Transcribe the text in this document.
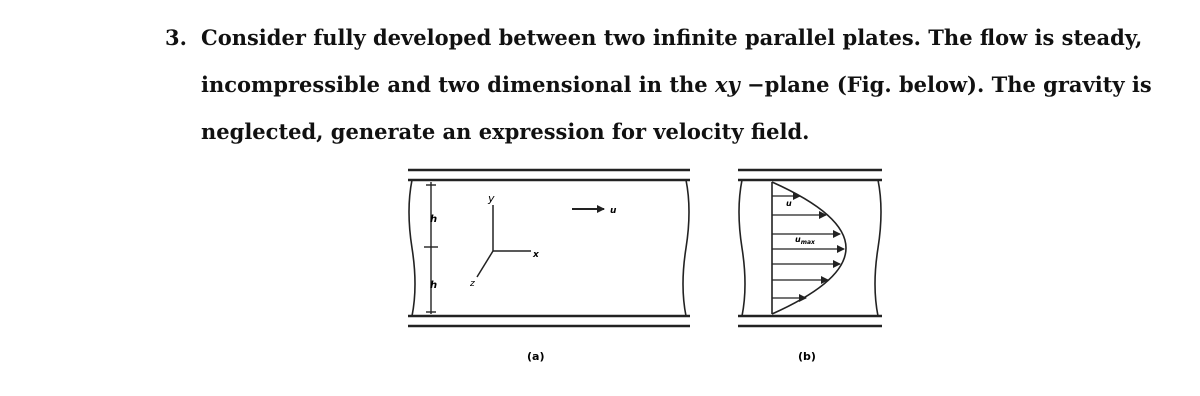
3. Consider fully developed between two infinite parallel plates. The flow is steady,
incompressible and two dimensional in the xy −plane (Fig. below). The gravity is
neglected, generate an expression for velocity field.
h
h
y
x
z
u
(a)
u
$u_{max}$
(b)
